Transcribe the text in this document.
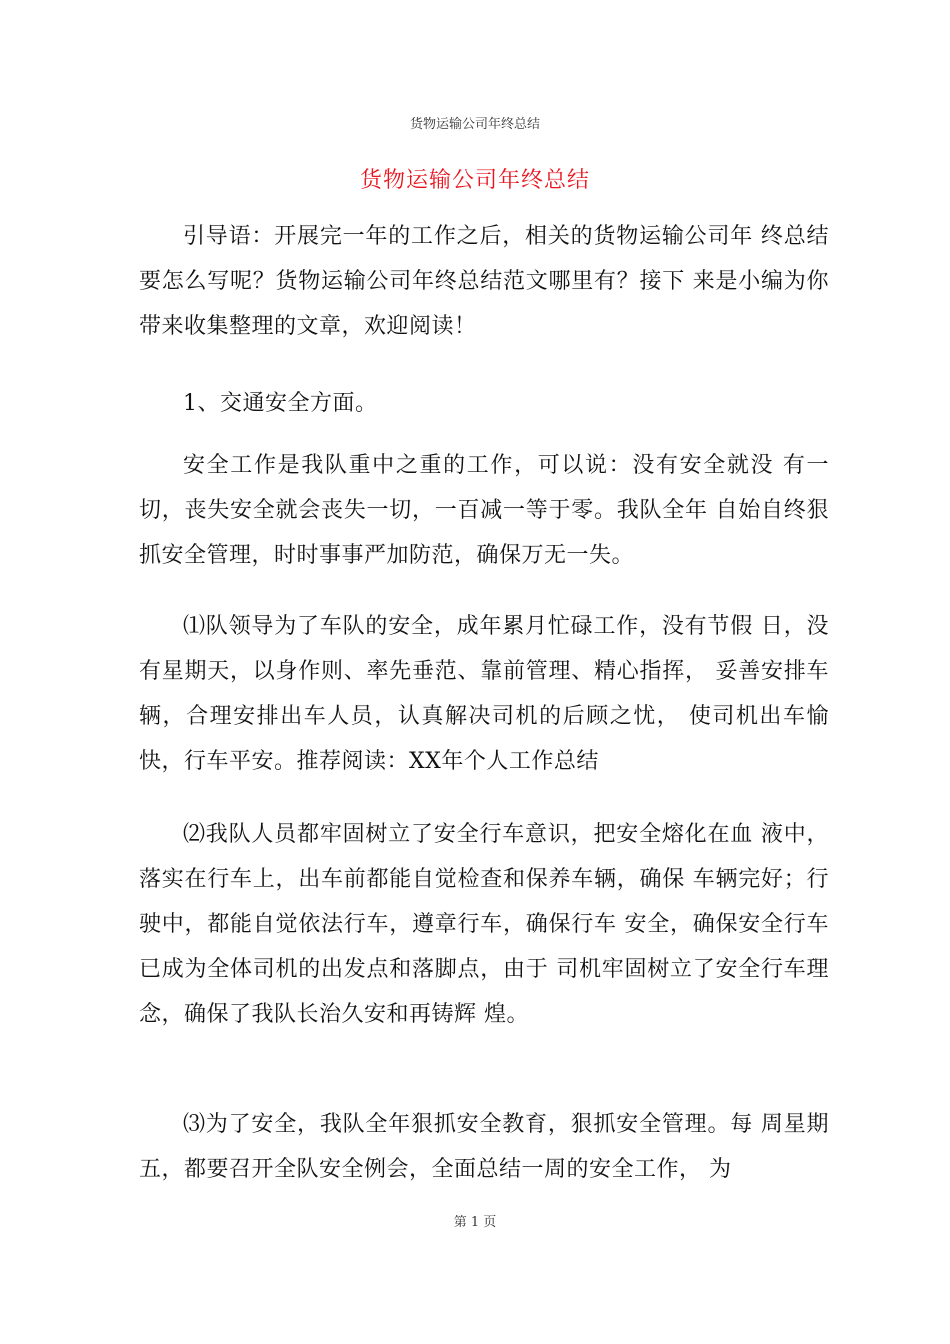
货物运输公司年终总结
货物运输公司年终总结

引导语：开展完一年的工作之后，相关的货物运输公司年 终总结要怎么写呢？货物运输公司年终总结范文哪里有？接下 来是小编为你带来收集整理的文章，欢迎阅读！

1、交通安全方面。

安全工作是我队重中之重的工作，可以说：没有安全就没 有一切，丧失安全就会丧失一切，一百减一等于零。我队全年 自始自终狠抓安全管理，时时事事严加防范，确保万无一失。

⑴队领导为了车队的安全，成年累月忙碌工作，没有节假 日，没有星期天，以身作则、率先垂范、靠前管理、精心指挥， 妥善安排车辆，合理安排出车人员，认真解决司机的后顾之忧， 使司机出车愉快，行车平安。推荐阅读：XX年个人工作总结

⑵我队人员都牢固树立了安全行车意识，把安全熔化在血 液中，落实在行车上，出车前都能自觉检查和保养车辆，确保 车辆完好；行驶中，都能自觉依法行车，遵章行车，确保行车 安全，确保安全行车已成为全体司机的出发点和落脚点，由于 司机牢固树立了安全行车理念，确保了我队长治久安和再铸辉 煌。

⑶为了安全，我队全年狠抓安全教育，狠抓安全管理。每 周星期五，都要召开全队安全例会，全面总结一周的安全工作， 为

第 1 页
